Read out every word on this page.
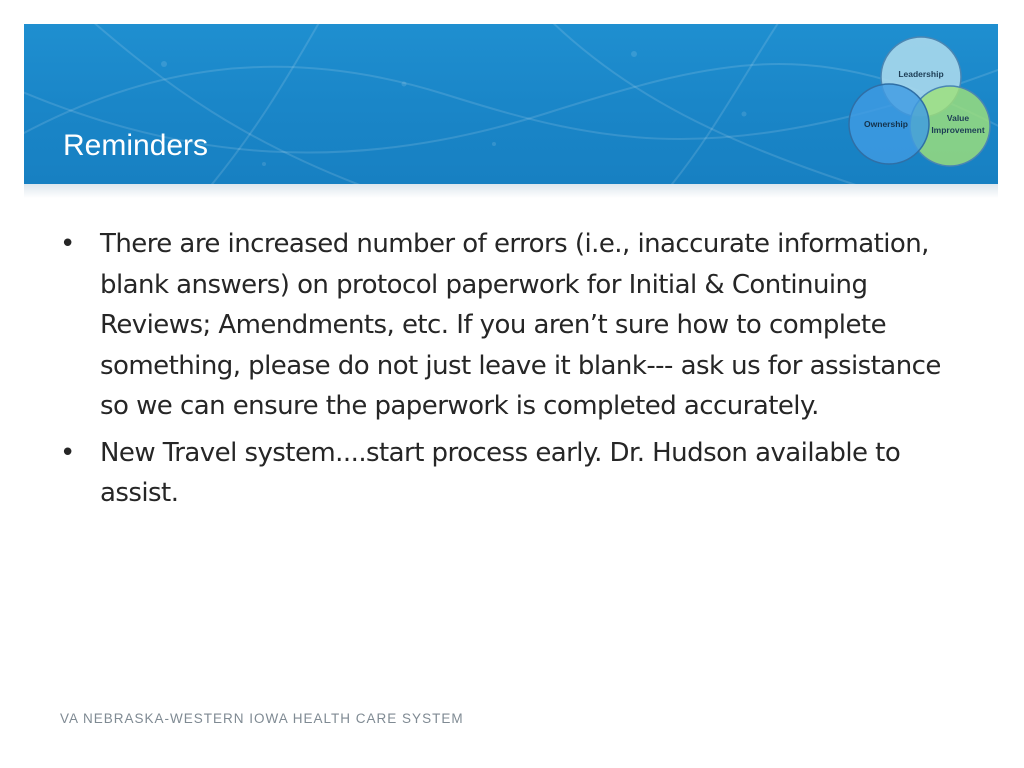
Reminders
Leadership
Ownership
Value
Improvement
• There are increased number of errors (i.e., inaccurate information, blank answers) on protocol paperwork for Initial & Continuing Reviews; Amendments, etc. If you aren’t sure how to complete something, please do not just leave it blank--- ask us for assistance so we can ensure the paperwork is completed accurately.
• New Travel system....start process early. Dr. Hudson available to assist.
VA NEBRASKA-WESTERN IOWA HEALTH CARE SYSTEM
